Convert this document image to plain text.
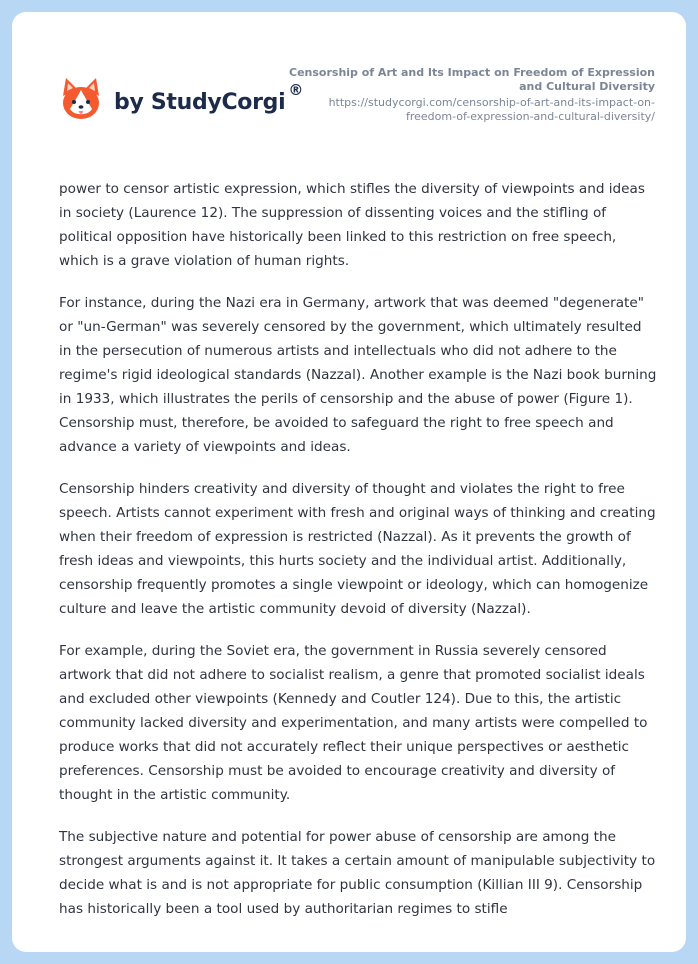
by StudyCorgi ®
Censorship of Art and Its Impact on Freedom of Expression and Cultural Diversity
https://studycorgi.com/censorship-of-art-and-its-impact-on-freedom-of-expression-and-cultural-diversity/

power to censor artistic expression, which stifles the diversity of viewpoints and ideas in society (Laurence 12). The suppression of dissenting voices and the stifling of political opposition have historically been linked to this restriction on free speech, which is a grave violation of human rights.

For instance, during the Nazi era in Germany, artwork that was deemed "degenerate" or "un-German" was severely censored by the government, which ultimately resulted in the persecution of numerous artists and intellectuals who did not adhere to the regime's rigid ideological standards (Nazzal). Another example is the Nazi book burning in 1933, which illustrates the perils of censorship and the abuse of power (Figure 1). Censorship must, therefore, be avoided to safeguard the right to free speech and advance a variety of viewpoints and ideas.

Censorship hinders creativity and diversity of thought and violates the right to free speech. Artists cannot experiment with fresh and original ways of thinking and creating when their freedom of expression is restricted (Nazzal). As it prevents the growth of fresh ideas and viewpoints, this hurts society and the individual artist. Additionally, censorship frequently promotes a single viewpoint or ideology, which can homogenize culture and leave the artistic community devoid of diversity (Nazzal).

For example, during the Soviet era, the government in Russia severely censored artwork that did not adhere to socialist realism, a genre that promoted socialist ideals and excluded other viewpoints (Kennedy and Coutler 124). Due to this, the artistic community lacked diversity and experimentation, and many artists were compelled to produce works that did not accurately reflect their unique perspectives or aesthetic preferences. Censorship must be avoided to encourage creativity and diversity of thought in the artistic community.

The subjective nature and potential for power abuse of censorship are among the strongest arguments against it. It takes a certain amount of manipulable subjectivity to decide what is and is not appropriate for public consumption (Killian III 9). Censorship has historically been a tool used by authoritarian regimes to stifle
